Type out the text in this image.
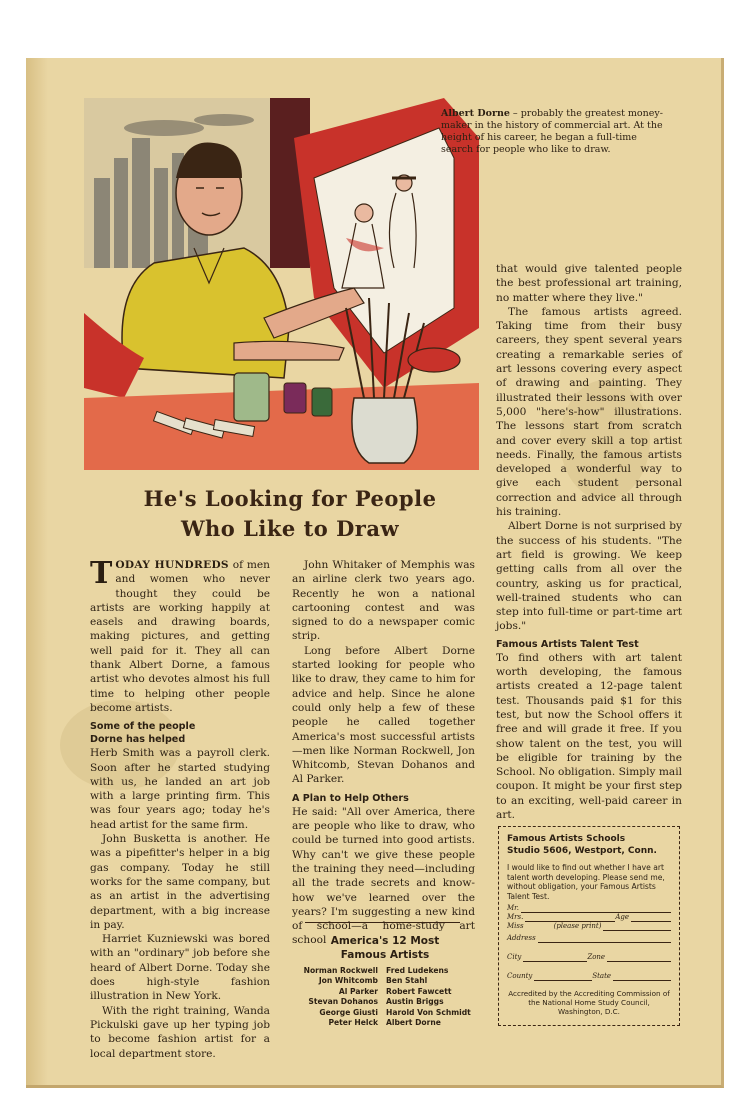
Albert Dorne – probably the greatest money-maker in the history of commercial art. At the height of his career, he began a full-time search for people who like to draw.
He's Looking for People
Who Like to Draw

TODAY HUNDREDS of men and women who never thought they could be artists are working happily at easels and drawing boards, making pictures, and getting well paid for it. They all can thank Albert Dorne, a famous artist who devotes almost his full time to helping other people become artists.

Some of the people
Dorne has helped

Herb Smith was a payroll clerk. Soon after he started studying with us, he landed an art job with a large printing firm. This was four years ago; today he's head artist for the same firm.

John Busketta is another. He was a pipefitter's helper in a big gas company. Today he still works for the same company, but as an artist in the advertising department, with a big increase in pay.

Harriet Kuzniewski was bored with an "ordinary" job before she heard of Albert Dorne. Today she does high-style fashion illustration in New York.

With the right training, Wanda Pickulski gave up her typing job to become fashion artist for a local department store.

John Whitaker of Memphis was an airline clerk two years ago. Recently he won a national cartooning contest and was signed to do a newspaper comic strip.

Long before Albert Dorne started looking for people who like to draw, they came to him for advice and help. Since he alone could only help a few of these people he called together America's most successful artists—men like Norman Rockwell, Jon Whitcomb, Stevan Dohanos and Al Parker.

A Plan to Help Others

He said: "All over America, there are people who like to draw, who could be turned into good artists. Why can't we give these people the training they need—including all the trade secrets and know-how we've learned over the years? I'm suggesting a new kind of school—a home-study art school America's 12 Most
Famous Artists
Norman Rockwell	Fred Ludekens
Jon Whitcomb	Ben Stahl
Al Parker	Robert Fawcett
Stevan Dohanos	Austin Briggs
George Giusti	Harold Von Schmidt
Peter Helck	Albert Dorne

that would give talented people the best professional art training, no matter where they live."

The famous artists agreed. Taking time from their busy careers, they spent several years creating a remarkable series of art lessons covering every aspect of drawing and painting. They illustrated their lessons with over 5,000 "here's-how" illustrations. The lessons start from scratch and cover every skill a top artist needs. Finally, the famous artists developed a wonderful way to give each student personal correction and advice all through his training.

Albert Dorne is not surprised by the success of his students. "The art field is growing. We keep getting calls from all over the country, asking us for practical, well-trained students who can step into full-time or part-time art jobs."

Famous Artists Talent Test

To find others with art talent worth developing, the famous artists created a 12-page talent test. Thousands paid $1 for this test, but now the School offers it free and will grade it free. If you show talent on the test, you will be eligible for training by the School. No obligation. Simply mail coupon. It might be your first step to an exciting, well-paid career in art.

Famous Artists Schools
Studio 5606, Westport, Conn.
I would like to find out whether I have art talent worth developing. Please send me, without obligation, your Famous Artists Talent Test.
Mr.
Mrs.	Age
Miss	(please print)
Address
City	Zone
County	State
Accredited by the Accrediting Commission of the National Home Study Council, Washington, D.C.
